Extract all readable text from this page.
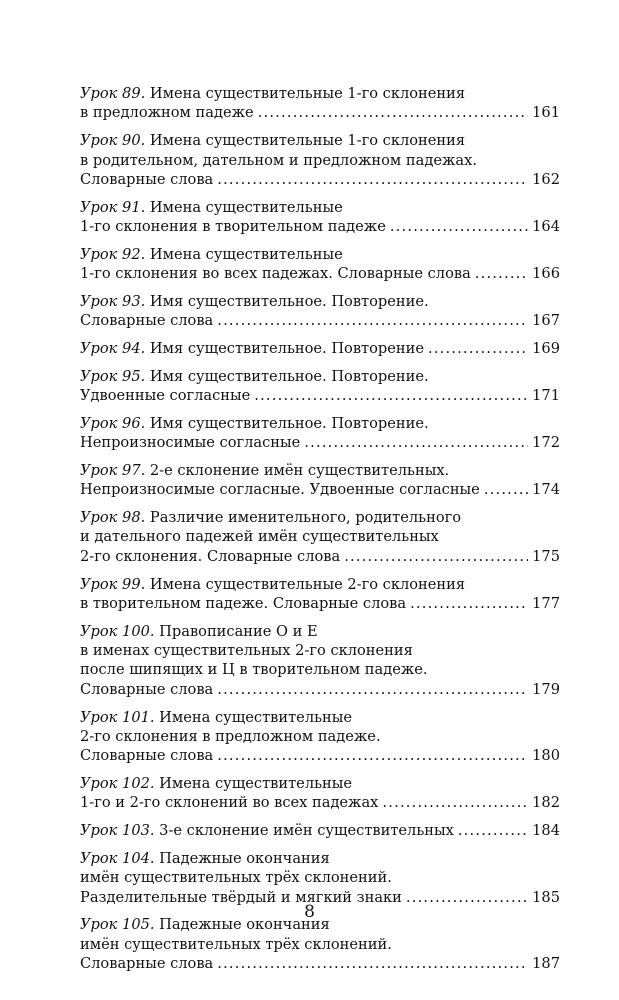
Урок 89. Имена существительные 1-го склонения
в предложном падеже .....	161
Урок 90. Имена существительные 1-го склонения
в родительном, дательном и предложном падежах.
Словарные слова .....	162
Урок 91. Имена существительные
1-го склонения в творительном падеже .....	164
Урок 92. Имена существительные
1-го склонения во всех падежах. Словарные слова .....	166
Урок 93. Имя существительное. Повторение.
Словарные слова .....	167
Урок 94. Имя существительное. Повторение .....	169
Урок 95. Имя существительное. Повторение.
Удвоенные согласные .....	171
Урок 96. Имя существительное. Повторение.
Непроизносимые согласные .....	172
Урок 97. 2-е склонение имён существительных.
Непроизносимые согласные. Удвоенные согласные .....	174
Урок 98. Различие именительного, родительного
и дательного падежей имён существительных
2-го склонения. Словарные слова .....	175
Урок 99. Имена существительные 2-го склонения
в творительном падеже. Словарные слова .....	177
Урок 100. Правописание О и Е
в именах существительных 2-го склонения
после шипящих и Ц в творительном падеже.
Словарные слова .....	179
Урок 101. Имена существительные
2-го склонения в предложном падеже.
Словарные слова .....	180
Урок 102. Имена существительные
1-го и 2-го склонений во всех падежах .....	182
Урок 103. 3-е склонение имён существительных .....	184
Урок 104. Падежные окончания
имён существительных трёх склонений.
Разделительные твёрдый и мягкий знаки .....	185
Урок 105. Падежные окончания
имён существительных трёх склонений.
Словарные слова .....	187
8
